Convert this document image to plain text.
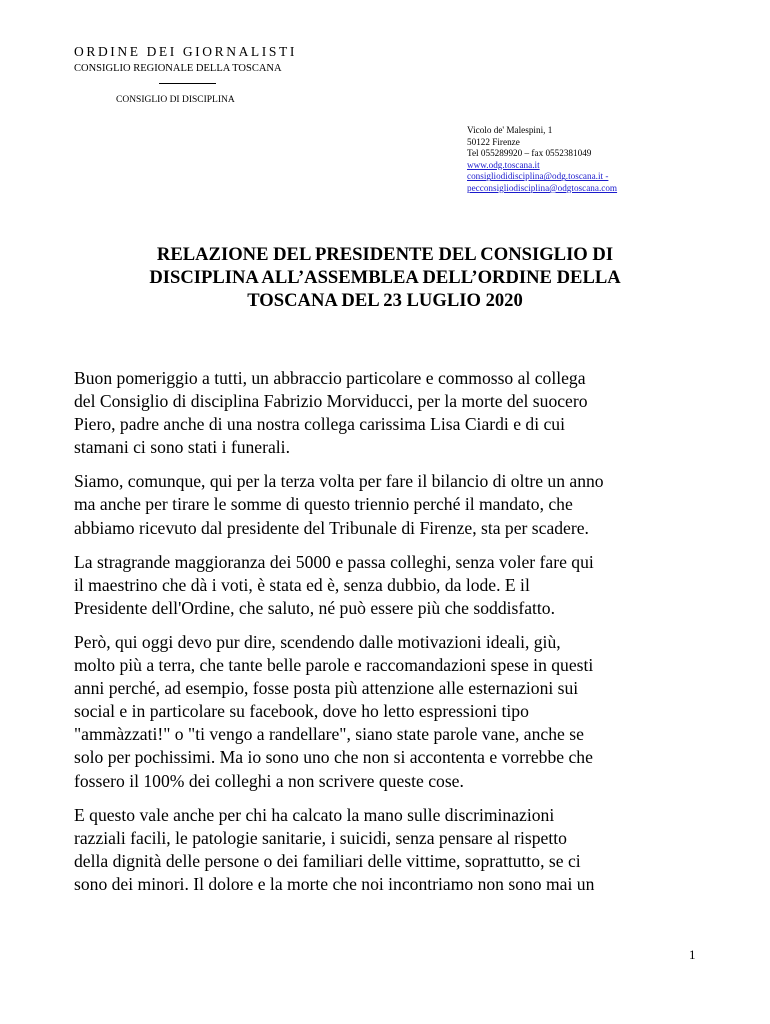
ORDINE DEI GIORNALISTI
CONSIGLIO REGIONALE DELLA TOSCANA
CONSIGLIO DI DISCIPLINA
Vicolo de' Malespini, 1
50122 Firenze
Tel 055289920 – fax 0552381049
www.odg.toscana.it
consigliodidisciplina@odg.toscana.it -
pecconsigliodisciplina@odgtoscana.com
RELAZIONE DEL PRESIDENTE DEL CONSIGLIO DI
DISCIPLINA ALL’ASSEMBLEA DELL’ORDINE DELLA
TOSCANA DEL 23 LUGLIO 2020

Buon pomeriggio a tutti, un abbraccio particolare e commosso al collega
del Consiglio di disciplina Fabrizio Morviducci, per la morte del suocero
Piero, padre anche di una nostra collega carissima Lisa Ciardi e di cui
stamani ci sono stati i funerali.

Siamo, comunque, qui per la terza volta per fare il bilancio di oltre un anno
ma anche per tirare le somme di questo triennio perché il mandato, che
abbiamo ricevuto dal presidente del Tribunale di Firenze, sta per scadere.

La stragrande maggioranza dei 5000 e passa colleghi, senza voler fare qui
il maestrino che dà i voti, è stata ed è, senza dubbio, da lode. E il
Presidente dell'Ordine, che saluto, né può essere più che soddisfatto.

Però, qui oggi devo pur dire, scendendo dalle motivazioni ideali, giù,
molto più a terra, che tante belle parole e raccomandazioni spese in questi
anni perché, ad esempio, fosse posta più attenzione alle esternazioni sui
social e in particolare su facebook, dove ho letto espressioni tipo
"ammàzzati!" o "ti vengo a randellare", siano state parole vane, anche se
solo per pochissimi. Ma io sono uno che non si accontenta e vorrebbe che
fossero il 100% dei colleghi a non scrivere queste cose.

E questo vale anche per chi ha calcato la mano sulle discriminazioni
razziali facili, le patologie sanitarie, i suicidi, senza pensare al rispetto
della dignità delle persone o dei familiari delle vittime, soprattutto, se ci
sono dei minori. Il dolore e la morte che noi incontriamo non sono mai un

1
